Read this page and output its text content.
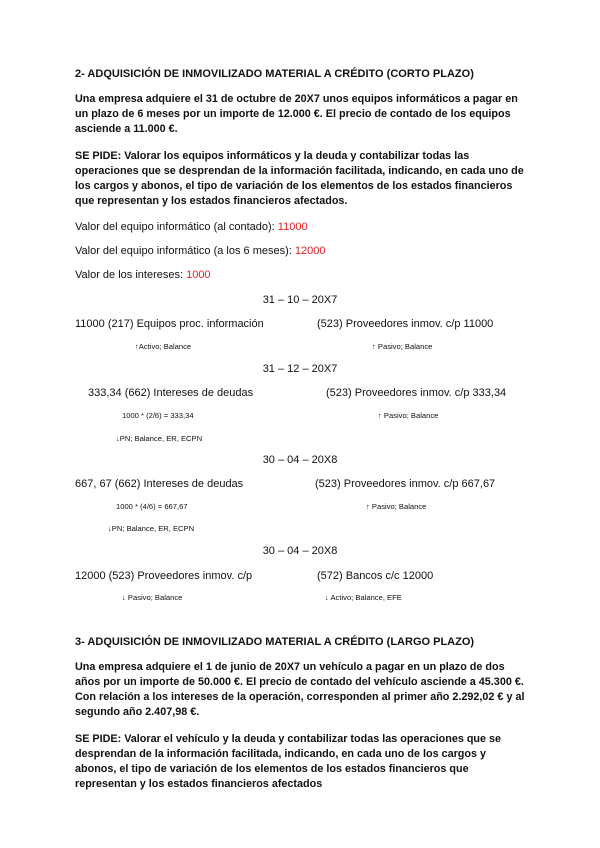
2- ADQUISICIÓN DE INMOVILIZADO MATERIAL A CRÉDITO (CORTO PLAZO)
Una empresa adquiere el 31 de octubre de 20X7 unos equipos informáticos a pagar en un plazo de 6 meses por un importe de 12.000 €. El precio de contado de los equipos asciende a 11.000 €.
SE PIDE: Valorar los equipos informáticos y la deuda y contabilizar todas las operaciones que se desprendan de la información facilitada, indicando, en cada uno de los cargos y abonos, el tipo de variación de los elementos de los estados financieros que representan y los estados financieros afectados.
Valor del equipo informático (al contado): 11000
Valor del equipo informático (a los 6 meses): 12000
Valor de los intereses: 1000
31 – 10 – 20X7
11000 (217) Equipos proc. información	(523) Proveedores inmov. c/p 11000
↑Activo; Balance	↑ Pasivo; Balance
31 – 12 – 20X7
333,34 (662) Intereses de deudas	(523) Proveedores inmov. c/p 333,34
1000 * (2/6) = 333,34	↑ Pasivo; Balance
↓PN; Balance, ER, ECPN
30 – 04 – 20X8
667, 67 (662) Intereses de deudas	(523) Proveedores inmov. c/p 667,67
1000 * (4/6) = 667,67	↑ Pasivo; Balance
↓PN; Balance, ER, ECPN
30 – 04 – 20X8
12000 (523) Proveedores inmov. c/p	(572) Bancos c/c 12000
↓ Pasivo; Balance	↓ Activo; Balance, EFE
3- ADQUISICIÓN DE INMOVILIZADO MATERIAL A CRÉDITO (LARGO PLAZO)
Una empresa adquiere el 1 de junio de 20X7 un vehículo a pagar en un plazo de dos años por un importe de 50.000 €. El precio de contado del vehículo asciende a 45.300 €. Con relación a los intereses de la operación, corresponden al primer año 2.292,02 € y al segundo año 2.407,98 €.
SE PIDE: Valorar el vehículo y la deuda y contabilizar todas las operaciones que se desprendan de la información facilitada, indicando, en cada uno de los cargos y abonos, el tipo de variación de los elementos de los estados financieros que representan y los estados financieros afectados
